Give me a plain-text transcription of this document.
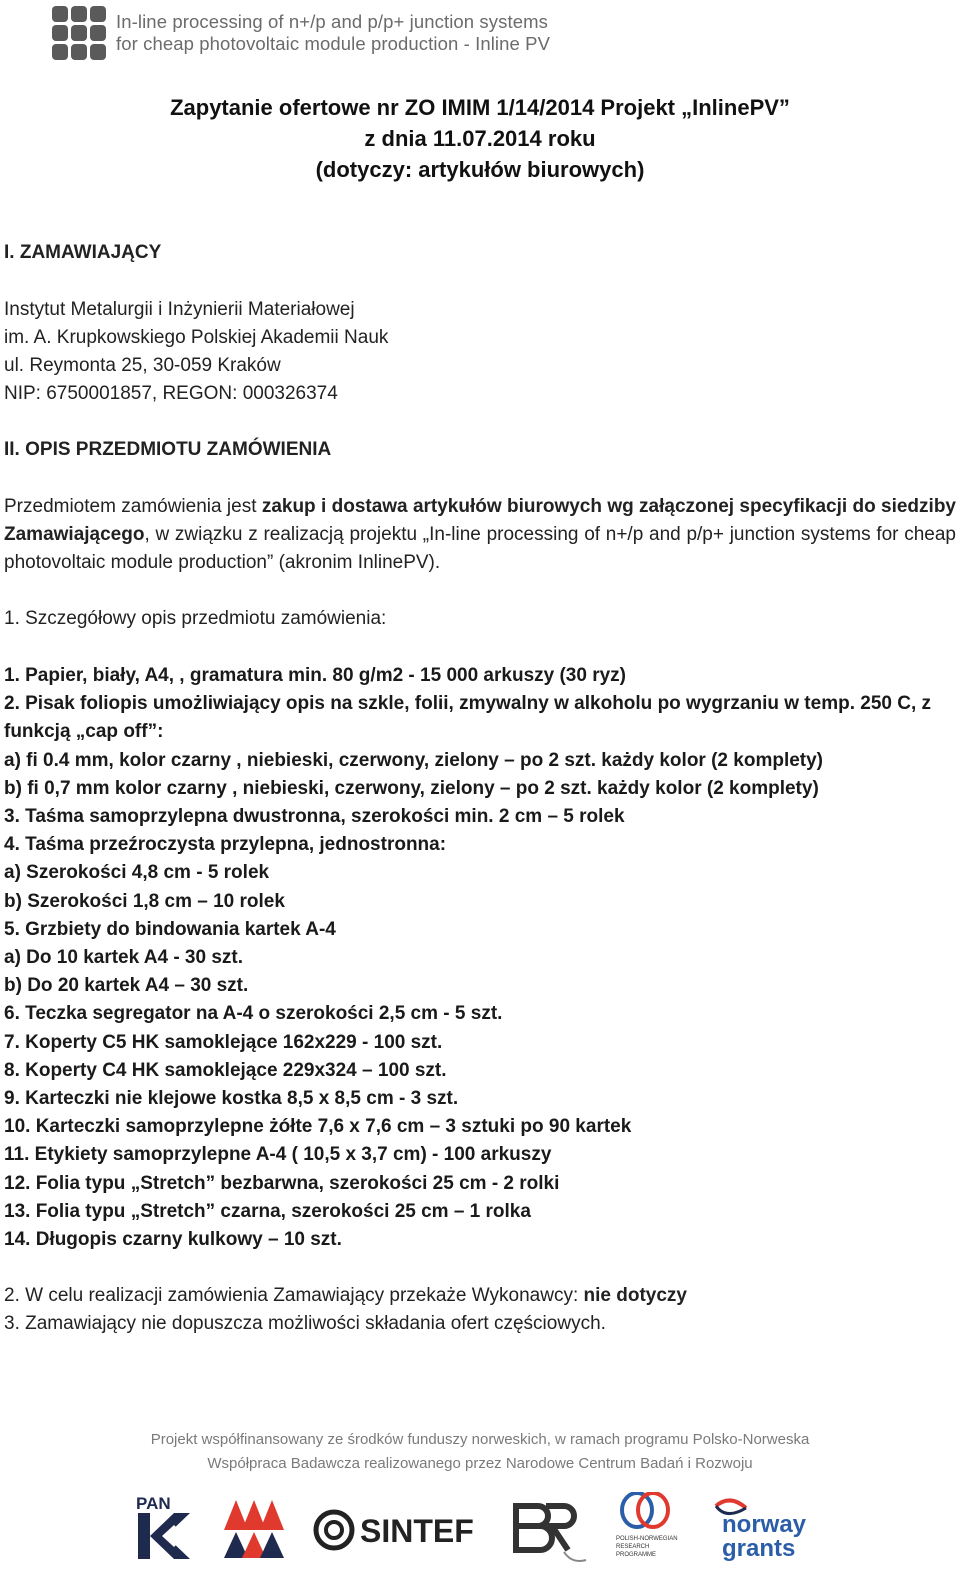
In-line processing of n+/p and p/p+ junction systems
for cheap photovoltaic module production - Inline PV
Zapytanie ofertowe nr ZO IMIM 1/14/2014 Projekt „InlinePV”
z dnia 11.07.2014 roku
(dotyczy: artykułów biurowych)
I. ZAMAWIAJĄCY
Instytut Metalurgii i Inżynierii Materiałowej
im. A. Krupkowskiego Polskiej Akademii Nauk
ul. Reymonta 25, 30-059 Kraków
NIP: 6750001857, REGON: 000326374
II. OPIS PRZEDMIOTU ZAMÓWIENIA
Przedmiotem zamówienia jest zakup i dostawa artykułów biurowych wg załączonej specyfikacji do siedziby Zamawiającego, w związku z realizacją projektu „In-line processing of n+/p and p/p+ junction systems for cheap photovoltaic module production” (akronim InlinePV).
1. Szczegółowy opis przedmiotu zamówienia:
1. Papier, biały, A4, , gramatura min. 80 g/m2 - 15 000 arkuszy (30 ryz)
2. Pisak foliopis umożliwiający opis na szkle, folii, zmywalny w alkoholu po wygrzaniu w temp. 250 C, z funkcją „cap off”:
a) fi 0.4 mm, kolor czarny , niebieski, czerwony, zielony – po 2 szt. każdy kolor (2 komplety)
b) fi 0,7 mm kolor czarny , niebieski, czerwony, zielony – po 2 szt. każdy kolor (2 komplety)
3. Taśma samoprzylepna dwustronna, szerokości min. 2 cm – 5 rolek
4. Taśma przeźroczysta przylepna, jednostronna:
a) Szerokości 4,8 cm - 5 rolek
b) Szerokości 1,8 cm – 10 rolek
5. Grzbiety do bindowania kartek A-4
a) Do 10 kartek A4 - 30 szt.
b) Do 20 kartek A4 – 30 szt.
6. Teczka segregator na A-4 o szerokości 2,5 cm - 5 szt.
7. Koperty C5 HK samoklejące 162x229 - 100 szt.
8. Koperty C4 HK samoklejące 229x324 – 100 szt.
9. Karteczki nie klejowe kostka 8,5 x 8,5 cm - 3 szt.
10. Karteczki samoprzylepne żółte 7,6 x 7,6 cm – 3 sztuki po 90 kartek
11. Etykiety samoprzylepne A-4 ( 10,5 x 3,7 cm) - 100 arkuszy
12. Folia typu „Stretch” bezbarwna, szerokości 25 cm - 2 rolki
13. Folia typu „Stretch” czarna, szerokości 25 cm – 1 rolka
14. Długopis czarny kulkowy – 10 szt.
2. W celu realizacji zamówienia Zamawiający przekaże Wykonawcy: nie dotyczy
3. Zamawiający nie dopuszcza możliwości składania ofert częściowych.
Projekt współfinansowany ze środków funduszy norweskich, w ramach programu Polsko-Norweska
Współpraca Badawcza realizowanego przez Narodowe Centrum Badań i Rozwoju
PAN
SINTEF	POLISH-NORWEGIAN
RESEARCH
PROGRAMME
norway
grants
